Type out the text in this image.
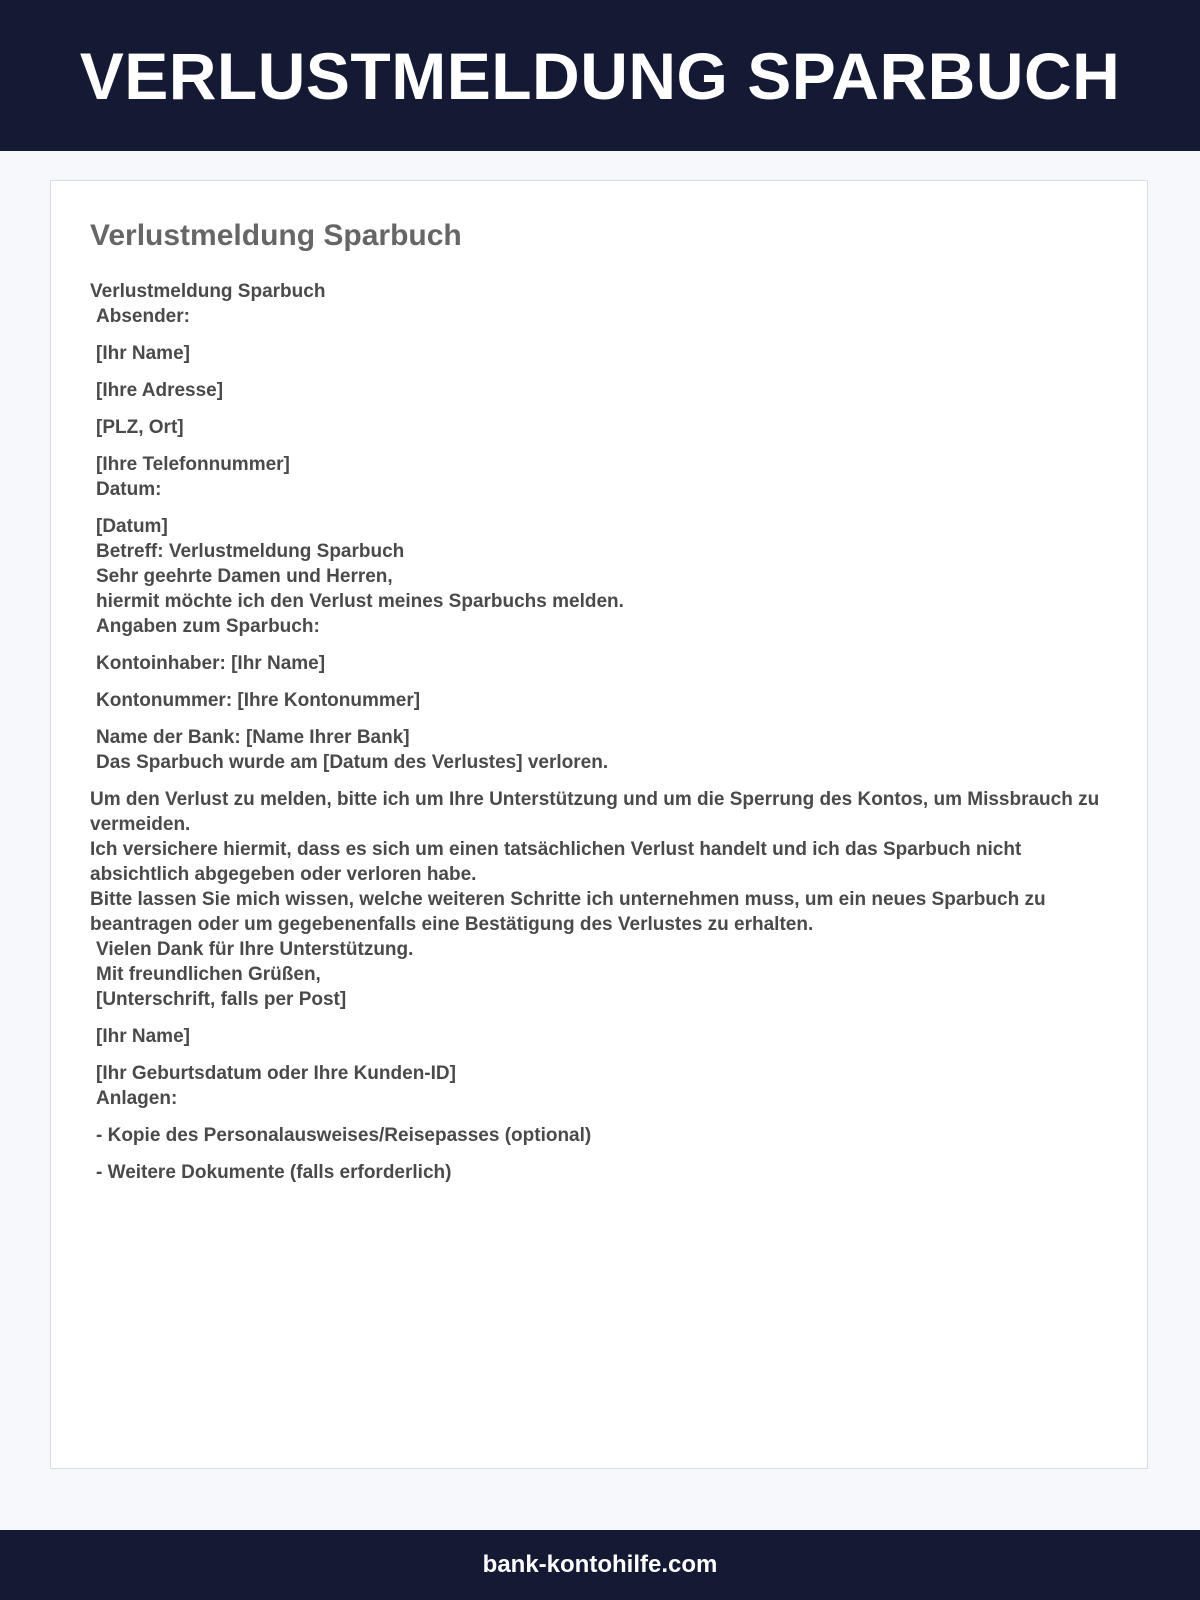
VERLUSTMELDUNG SPARBUCH
Verlustmeldung Sparbuch
Verlustmeldung Sparbuch
Absender:
[Ihr Name]
[Ihre Adresse]
[PLZ, Ort]
[Ihre Telefonnummer]
Datum:
[Datum]
Betreff: Verlustmeldung Sparbuch
Sehr geehrte Damen und Herren,
hiermit möchte ich den Verlust meines Sparbuchs melden.
Angaben zum Sparbuch:
Kontoinhaber: [Ihr Name]
Kontonummer: [Ihre Kontonummer]
Name der Bank: [Name Ihrer Bank]
Das Sparbuch wurde am [Datum des Verlustes] verloren.
Um den Verlust zu melden, bitte ich um Ihre Unterstützung und um die Sperrung des Kontos, um Missbrauch zu vermeiden.
Ich versichere hiermit, dass es sich um einen tatsächlichen Verlust handelt und ich das Sparbuch nicht absichtlich abgegeben oder verloren habe.
Bitte lassen Sie mich wissen, welche weiteren Schritte ich unternehmen muss, um ein neues Sparbuch zu beantragen oder um gegebenenfalls eine Bestätigung des Verlustes zu erhalten.
Vielen Dank für Ihre Unterstützung.
Mit freundlichen Grüßen,
[Unterschrift, falls per Post]
[Ihr Name]
[Ihr Geburtsdatum oder Ihre Kunden-ID]
Anlagen:
- Kopie des Personalausweises/Reisepasses (optional)
- Weitere Dokumente (falls erforderlich)
bank-kontohilfe.com
